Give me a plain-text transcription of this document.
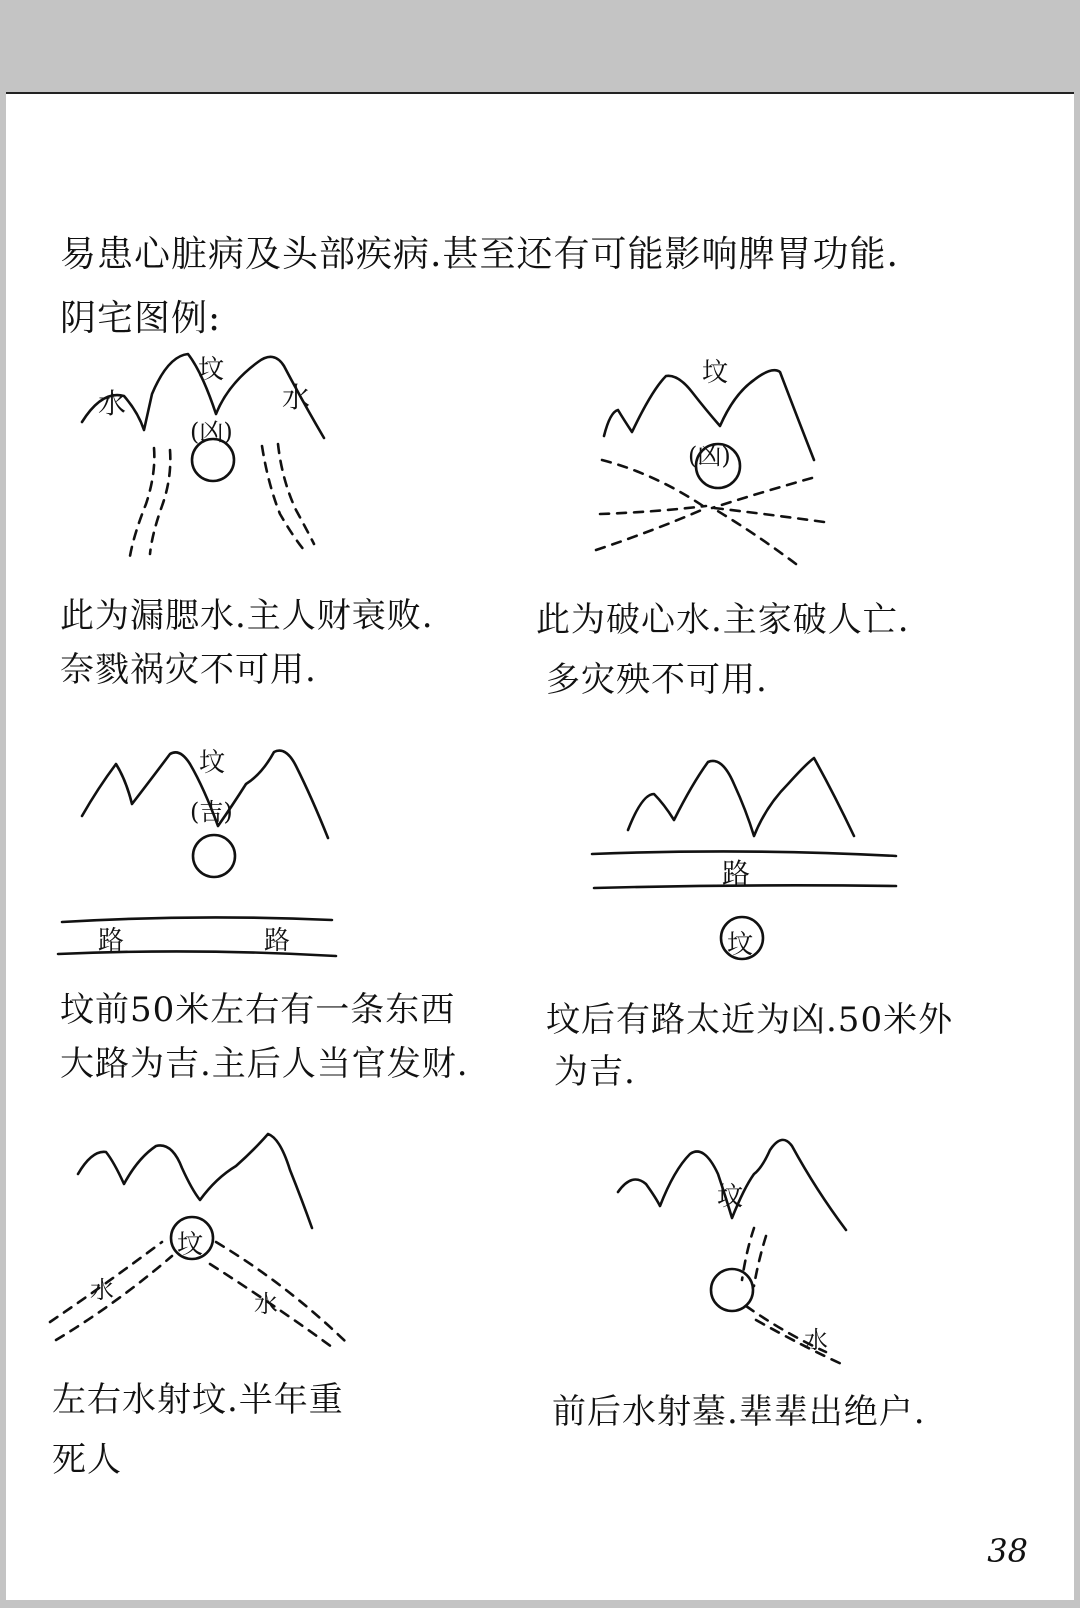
易患心脏病及头部疾病.甚至还有可能影响脾胃功能.
阴宅图例:
坟
水	水
(凶)
坟
(凶)
坟
(吉)
路	路
路
坟
坟
水	水
坟
水
此为漏腮水.主人财衰败.
奈戮祸灾不可用.
此为破心水.主家破人亡.
多灾殃不可用.
坟前50米左右有一条东西
大路为吉.主后人当官发财.
坟后有路太近为凶.50米外
为吉.
左右水射坟.半年重
死人
前后水射墓.辈辈出绝户.
38
